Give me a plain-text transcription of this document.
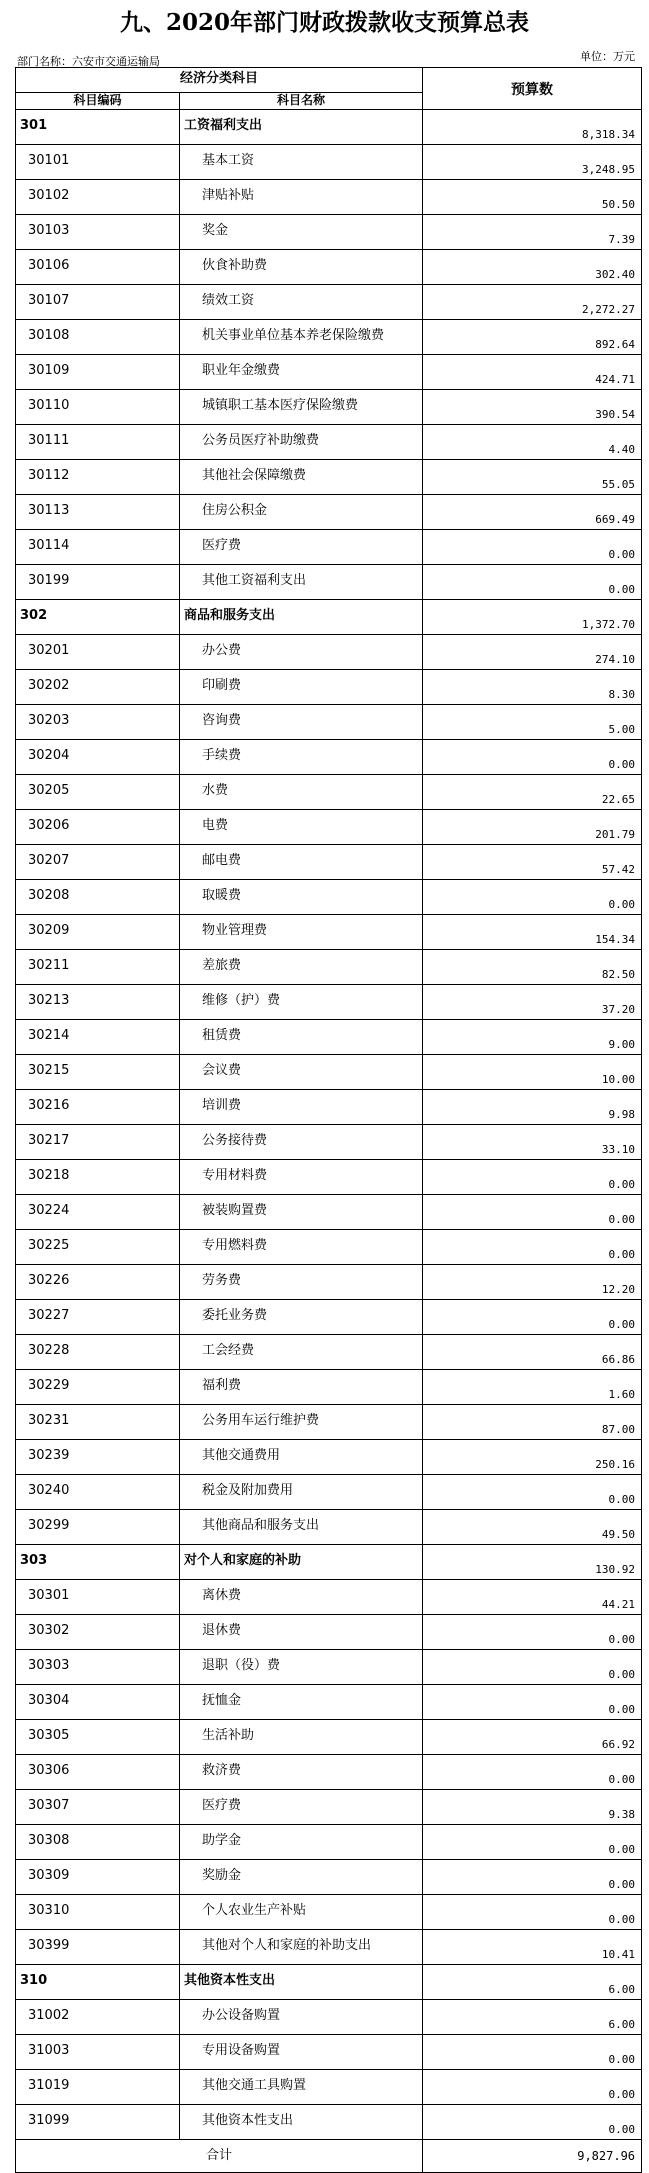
九、2020年部门财政拨款收支预算总表
部门名称：六安市交通运输局	单位：万元
经济分类科目		预算数
科目编码	科目名称	
301	工资福利支出	8,318.34
30101	基本工资	3,248.95
30102	津贴补贴	50.50
30103	奖金	7.39
30106	伙食补助费	302.40
30107	绩效工资	2,272.27
30108	机关事业单位基本养老保险缴费	892.64
30109	职业年金缴费	424.71
30110	城镇职工基本医疗保险缴费	390.54
30111	公务员医疗补助缴费	4.40
30112	其他社会保障缴费	55.05
30113	住房公积金	669.49
30114	医疗费	0.00
30199	其他工资福利支出	0.00
302	商品和服务支出	1,372.70
30201	办公费	274.10
30202	印刷费	8.30
30203	咨询费	5.00
30204	手续费	0.00
30205	水费	22.65
30206	电费	201.79
30207	邮电费	57.42
30208	取暖费	0.00
30209	物业管理费	154.34
30211	差旅费	82.50
30213	维修（护）费	37.20
30214	租赁费	9.00
30215	会议费	10.00
30216	培训费	9.98
30217	公务接待费	33.10
30218	专用材料费	0.00
30224	被装购置费	0.00
30225	专用燃料费	0.00
30226	劳务费	12.20
30227	委托业务费	0.00
30228	工会经费	66.86
30229	福利费	1.60
30231	公务用车运行维护费	87.00
30239	其他交通费用	250.16
30240	税金及附加费用	0.00
30299	其他商品和服务支出	49.50
303	对个人和家庭的补助	130.92
30301	离休费	44.21
30302	退休费	0.00
30303	退职（役）费	0.00
30304	抚恤金	0.00
30305	生活补助	66.92
30306	救济费	0.00
30307	医疗费	9.38
30308	助学金	0.00
30309	奖励金	0.00
30310	个人农业生产补贴	0.00
30399	其他对个人和家庭的补助支出	10.41
310	其他资本性支出	6.00
31002	办公设备购置	6.00
31003	专用设备购置	0.00
31019	其他交通工具购置	0.00
31099	其他资本性支出	0.00
合计		9,827.96
